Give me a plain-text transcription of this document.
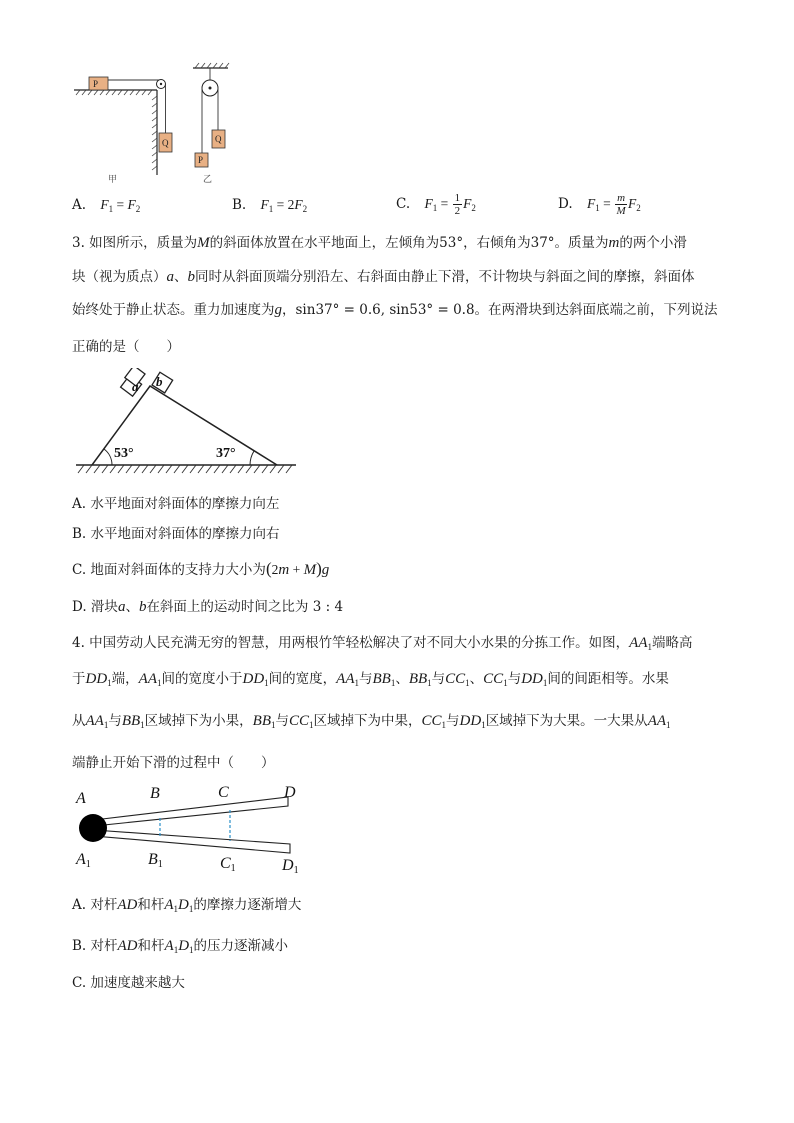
P
Q	Q
P
甲	乙
A. $F_1 = F_2$	B. $F_1 = 2F_2$	C. $F_1 = \frac{1}{2} F_2$	D. $F_1 = \frac{m}{M} F_2$
3. 如图所示，质量为M的斜面体放置在水平地面上，左倾角为53°，右倾角为37°。质量为m的两个小滑
块（视为质点）a、b同时从斜面顶端分别沿左、右斜面由静止下滑，不计物块与斜面之间的摩擦，斜面体
始终处于静止状态。重力加速度为g，sin37° = 0.6, sin53° = 0.8。在两滑块到达斜面底端之前，下列说法
正确的是（　　）
53°	37°
a b
A. 水平地面对斜面体的摩擦力向左
B. 水平地面对斜面体的摩擦力向右
C. 地面对斜面体的支持力大小为(2m + M)g
D. 滑块a、b在斜面上的运动时间之比为 3 : 4
4. 中国劳动人民充满无穷的智慧，用两根竹竿轻松解决了对不同大小水果的分拣工作。如图，$AA_1$端略高
于$DD_1$端，$AA_1$间的宽度小于$DD_1$间的宽度，$AA_1$与$BB_1$、$BB_1$与$CC_1$、$CC_1$与$DD_1$间的间距相等。水果
从$AA_1$与$BB_1$区域掉下为小果，$BB_1$与$CC_1$区域掉下为中果，$CC_1$与$DD_1$区域掉下为大果。一大果从$AA_1$
端静止开始下滑的过程中（　　）
A	B	C	D
A1	B1	C1	D1
A. 对杆AD和杆$A_1D_1$的摩擦力逐渐增大
B. 对杆AD和杆$A_1D_1$的压力逐渐减小
C. 加速度越来越大
